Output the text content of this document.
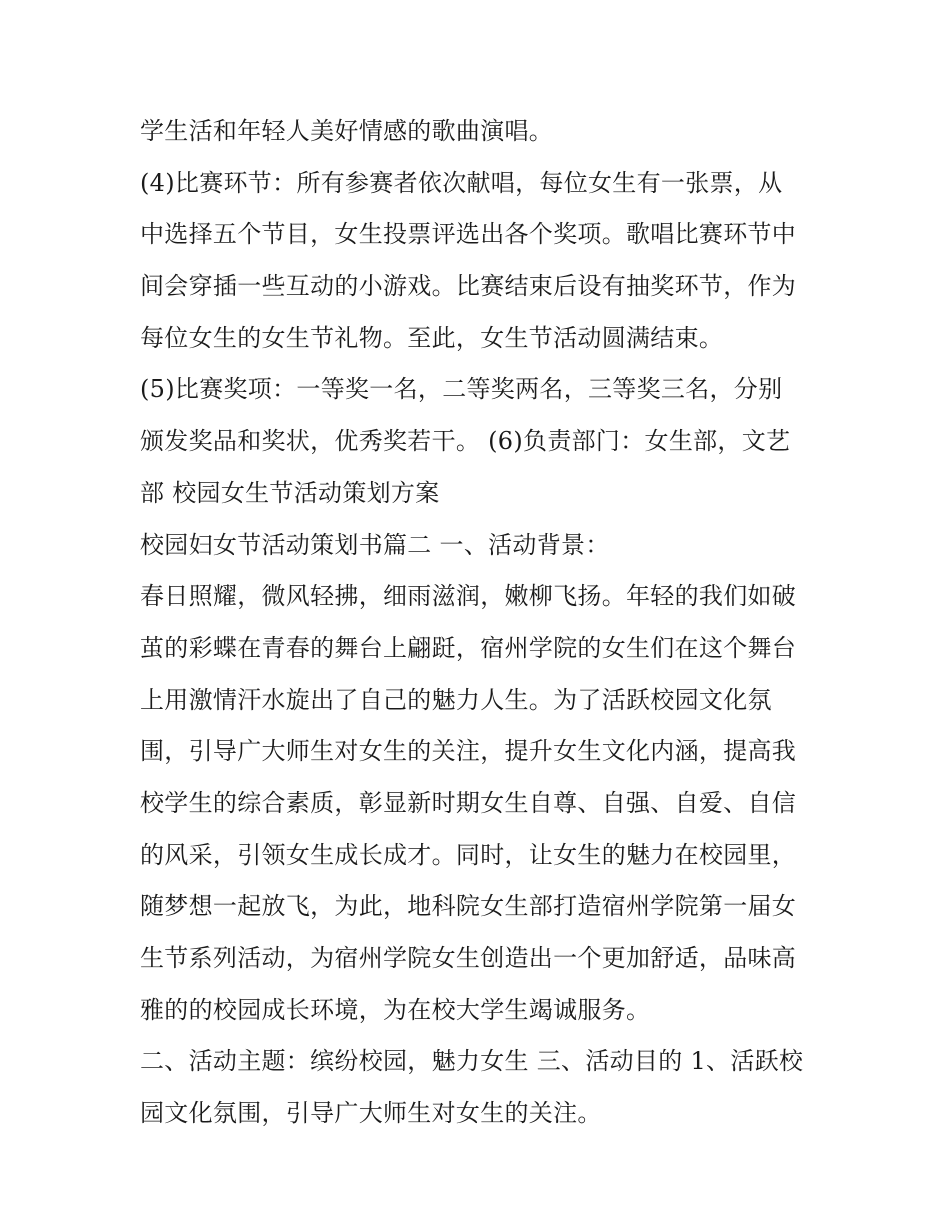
学生活和年轻人美好情感的歌曲演唱。
(4)比赛环节：所有参赛者依次献唱，每位女生有一张票，从
中选择五个节目，女生投票评选出各个奖项。歌唱比赛环节中
间会穿插一些互动的小游戏。比赛结束后设有抽奖环节，作为
每位女生的女生节礼物。至此，女生节活动圆满结束。
(5)比赛奖项：一等奖一名，二等奖两名，三等奖三名，分别
颁发奖品和奖状，优秀奖若干。 (6)负责部门：女生部，文艺
部 校园女生节活动策划方案
校园妇女节活动策划书篇二 一、活动背景：
春日照耀，微风轻拂，细雨滋润，嫩柳飞扬。年轻的我们如破
茧的彩蝶在青春的舞台上翩跹，宿州学院的女生们在这个舞台
上用激情汗水旋出了自己的魅力人生。为了活跃校园文化氛
围，引导广大师生对女生的关注，提升女生文化内涵，提高我
校学生的综合素质，彰显新时期女生自尊、自强、自爱、自信
的风采，引领女生成长成才。同时，让女生的魅力在校园里，
随梦想一起放飞，为此，地科院女生部打造宿州学院第一届女
生节系列活动，为宿州学院女生创造出一个更加舒适，品味高
雅的的校园成长环境，为在校大学生竭诚服务。
二、活动主题：缤纷校园，魅力女生 三、活动目的 1、活跃校
园文化氛围，引导广大师生对女生的关注。
